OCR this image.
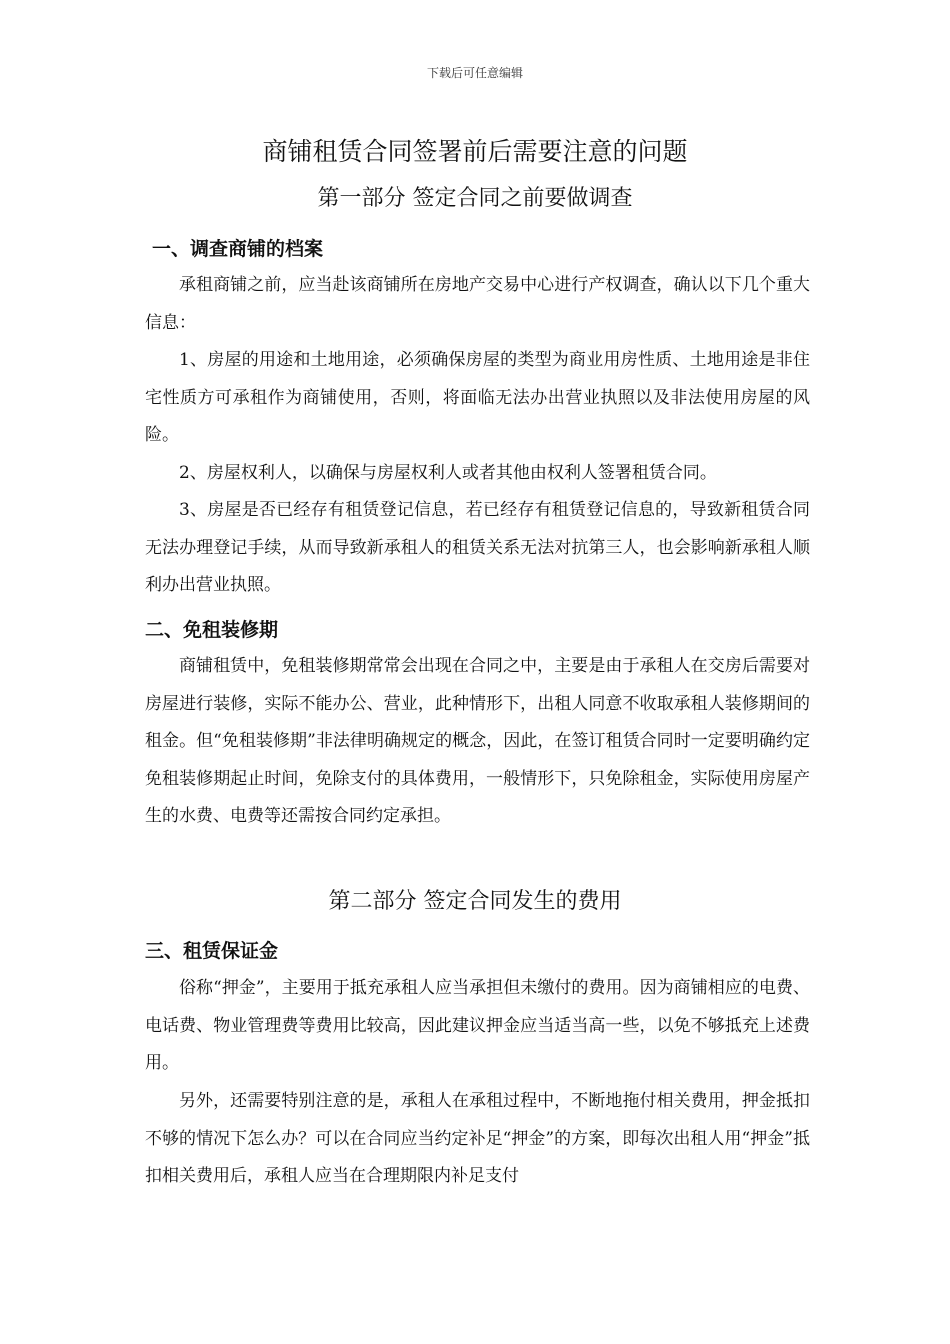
下载后可任意编辑
商铺租赁合同签署前后需要注意的问题
第一部分 签定合同之前要做调查
一、调查商铺的档案

承租商铺之前，应当赴该商铺所在房地产交易中心进行产权调查，确认以下几个重大信息：

1、房屋的用途和土地用途，必须确保房屋的类型为商业用房性质、土地用途是非住宅性质方可承租作为商铺使用，否则，将面临无法办出营业执照以及非法使用房屋的风险。

2、房屋权利人，以确保与房屋权利人或者其他由权利人签署租赁合同。

3、房屋是否已经存有租赁登记信息，若已经存有租赁登记信息的，导致新租赁合同无法办理登记手续，从而导致新承租人的租赁关系无法对抗第三人，也会影响新承租人顺利办出营业执照。

二、免租装修期

商铺租赁中，免租装修期常常会出现在合同之中，主要是由于承租人在交房后需要对房屋进行装修，实际不能办公、营业，此种情形下，出租人同意不收取承租人装修期间的租金。但“免租装修期”非法律明确规定的概念，因此，在签订租赁合同时一定要明确约定免租装修期起止时间，免除支付的具体费用，一般情形下，只免除租金，实际使用房屋产生的水费、电费等还需按合同约定承担。

第二部分 签定合同发生的费用
三、租赁保证金

俗称“押金”，主要用于抵充承租人应当承担但未缴付的费用。因为商铺相应的电费、电话费、物业管理费等费用比较高，因此建议押金应当适当高一些，以免不够抵充上述费用。

另外，还需要特别注意的是，承租人在承租过程中，不断地拖付相关费用，押金抵扣不够的情况下怎么办？可以在合同应当约定补足“押金”的方案，即每次出租人用“押金”抵扣相关费用后，承租人应当在合理期限内补足支付
